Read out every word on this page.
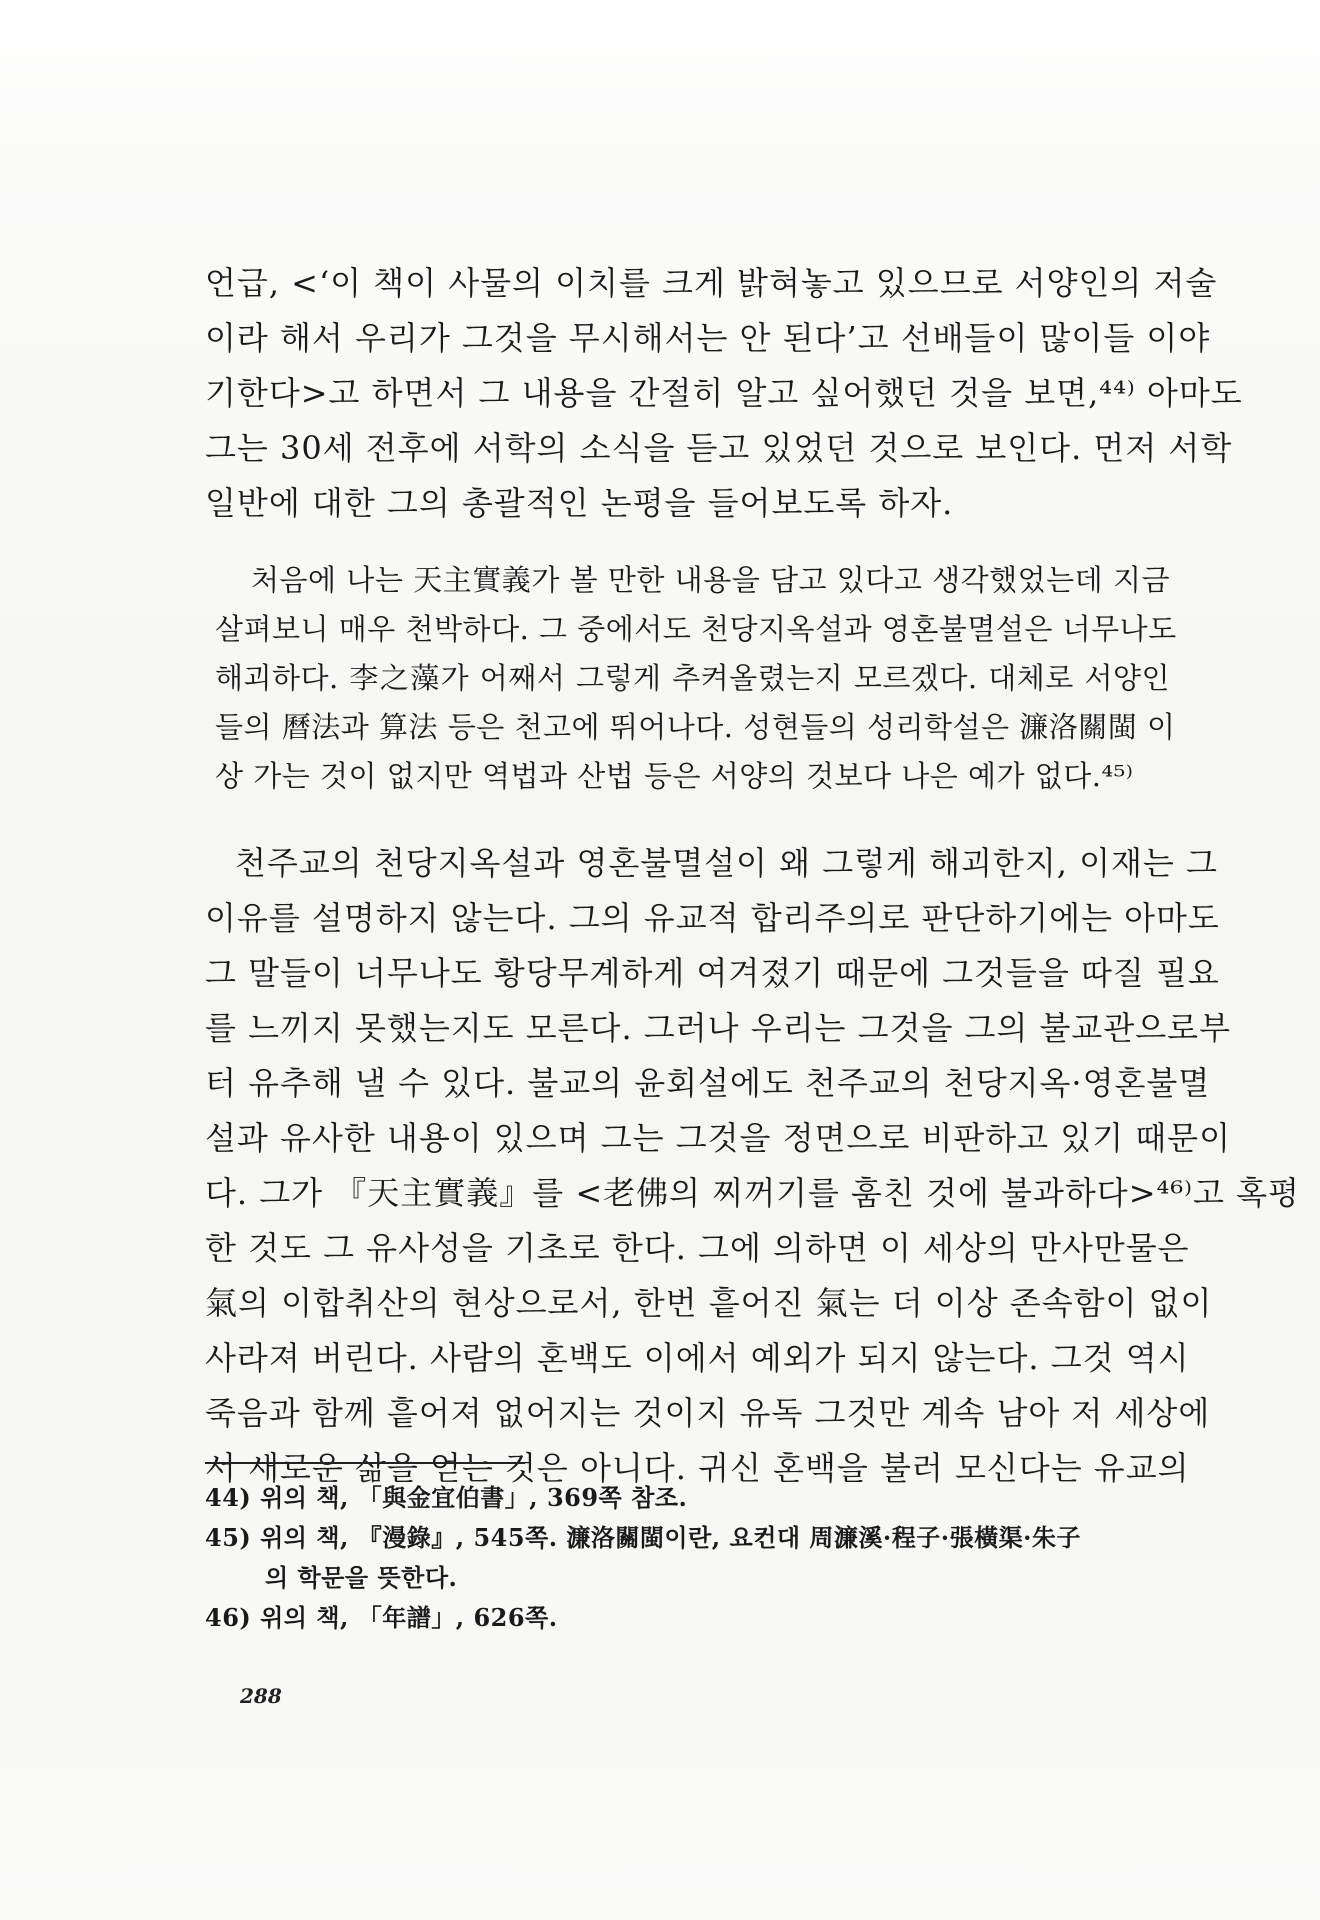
언급, <‘이 책이 사물의 이치를 크게 밝혀놓고 있으므로 서양인의 저술
이라 해서 우리가 그것을 무시해서는 안 된다’고 선배들이 많이들 이야
기한다>고 하면서 그 내용을 간절히 알고 싶어했던 것을 보면,⁴⁴⁾ 아마도
그는 30세 전후에 서학의 소식을 듣고 있었던 것으로 보인다. 먼저 서학
일반에 대한 그의 총괄적인 논평을 들어보도록 하자.
처음에 나는 天主實義가 볼 만한 내용을 담고 있다고 생각했었는데 지금
살펴보니 매우 천박하다. 그 중에서도 천당지옥설과 영혼불멸설은 너무나도
해괴하다. 李之藻가 어째서 그렇게 추켜올렸는지 모르겠다. 대체로 서양인
들의 曆法과 算法 등은 천고에 뛰어나다. 성현들의 성리학설은 濂洛關閩 이
상 가는 것이 없지만 역법과 산법 등은 서양의 것보다 나은 예가 없다.⁴⁵⁾
천주교의 천당지옥설과 영혼불멸설이 왜 그렇게 해괴한지, 이재는 그
이유를 설명하지 않는다. 그의 유교적 합리주의로 판단하기에는 아마도
그 말들이 너무나도 황당무계하게 여겨졌기 때문에 그것들을 따질 필요
를 느끼지 못했는지도 모른다. 그러나 우리는 그것을 그의 불교관으로부
터 유추해 낼 수 있다. 불교의 윤회설에도 천주교의 천당지옥·영혼불멸
설과 유사한 내용이 있으며 그는 그것을 정면으로 비판하고 있기 때문이
다. 그가 『天主實義』를 <老佛의 찌꺼기를 훔친 것에 불과하다>⁴⁶⁾고 혹평
한 것도 그 유사성을 기초로 한다. 그에 의하면 이 세상의 만사만물은
氣의 이합취산의 현상으로서, 한번 흩어진 氣는 더 이상 존속함이 없이
사라져 버린다. 사람의 혼백도 이에서 예외가 되지 않는다. 그것 역시
죽음과 함께 흩어져 없어지는 것이지 유독 그것만 계속 남아 저 세상에
서 새로운 삶을 얻는 것은 아니다. 귀신 혼백을 불러 모신다는 유교의
44) 위의 책, 「與金宜伯書」, 369쪽 참조.
45) 위의 책, 『漫錄』, 545쪽. 濂洛關閩이란, 요컨대 周濂溪·程子·張橫渠·朱子
의 학문을 뜻한다.
46) 위의 책, 「年譜」, 626쪽.
288
